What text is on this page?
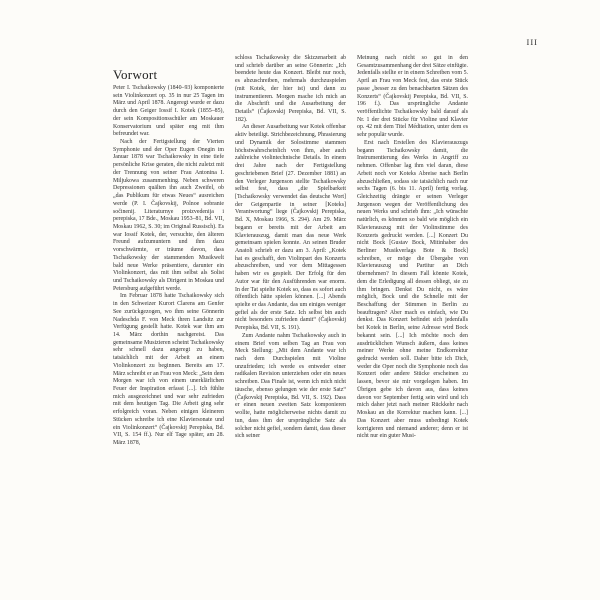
III
Vorwort

Peter I. Tschaikowsky (1840–93) komponierte sein Violinkonzert op. 35 in nur 25 Tagen im März und April 1878. Angeregt wurde er dazu durch den Geiger Iossif I. Kotek (1855–85), der sein Kompositionsschüler am Moskauer Konservatorium und später eng mit ihm befreundet war.

Nach der Fertigstellung der Vierten Symphonie und der Oper Eugen Onegin im Januar 1878 war Tschaikowsky in eine tiefe persönliche Krise geraten, die nicht zuletzt mit der Trennung von seiner Frau Antonina I. Miljukowa zusammenhing. Neben schweren Depressionen quälten ihn auch Zweifel, ob „das Publikum für etwas Neues“ ausreichen werde (P. I. Čajkovskij, Polnoe sobranie sočinenij. Literaturnye proizvedenija i perepiska, 17 Bde., Moskau 1953–81, Bd. VII, Moskau 1962, S. 30; im Original Russisch). Es war Iossif Kotek, der, versuchte, den älteren Freund aufzumuntern und ihm dazu vorschwärmte, er träume davon, dass Tschaikowsky der stammenden Musikwelt bald neue Werke präsentiere, darunter ein Violinkonzert, das mit ihm selbst als Solist und Tschaikowsky als Dirigent in Moskau und Petersburg aufgeführt werde.

Im Februar 1878 hatte Tschaikowsky sich in den Schweizer Kurort Clarens am Genfer See zurückgezogen, wo ihm seine Gönnerin Nadeschda F. von Meck ihren Landsitz zur Verfügung gestellt hatte. Kotek war ihm am 14. März dorthin nachgereist. Das gemeinsame Musizieren scheint Tschaikowsky sehr schnell dazu angeregt zu haben, tatsächlich mit der Arbeit an einem Violinkonzert zu beginnen. Bereits am 17. März schreibt er an Frau von Meck: „Sein dem Morgen war ich von einem unerklärlichen Feuer der Inspiration erfasst [...]. Ich fühlte mich ausgezeichnet und war sehr zufrieden mit dem heutigen Tag. Die Arbeit ging sehr erfolgreich voran. Neben einigen kleineren Stücken schreibe ich eine Klaviersonate und ein Violinkonzert“ (Čajkovskij Perepiska, Bd. VII, S. 154 ff.). Nur elf Tage später, am 28. März 1878,

schloss Tschaikowsky die Skizzenarbeit ab und schrieb darüber an seine Gönnerin: „Ich beendete heute das Konzert. Bleibt nur noch, es abzuschreiben, mehrmals durchzuspielen (mit Kotek, der hier ist) und dann zu instrumentieren. Morgen mache ich mich an die Abschrift und die Ausarbeitung der Details“ (Čajkovskij Perepiska, Bd. VII, S. 182).

An dieser Ausarbeitung war Kotek offenbar aktiv beteiligt. Strichbezeichnung, Phrasierung und Dynamik der Solostimme stammen höchstwahrscheinlich von ihm, aber auch zahlreiche violintechnische Details. In einem drei Jahre nach der Fertigstellung geschriebenen Brief (27. Dezember 1881) an den Verleger Jurgenson stellte Tschaikowsky selbst fest, dass „die Spielbarkeit [Tschaikowsky verwendet das deutsche Wort] der Geigenpartie in seiner [Koteks] Verantwortung“ liege (Čajkovskij Perepiska, Bd. X, Moskau 1966, S. 294). Am 29. März begann er bereits mit der Arbeit am Klavierauszug, damit man das neue Werk gemeinsam spielen konnte. An seinen Bruder Anatoli schrieb er dazu am 3. April: „Kotek hat es geschafft, den Violinpart des Konzerts abzuschreiben, und vor dem Mittagessen haben wir es gespielt. Der Erfolg für den Autor war für den Ausführenden war enorm. In der Tat spielte Kotek so, dass es sofort auch öffentlich hätte spielen können. [...] Abends spielte er das Andante, das um einiges weniger gefiel als der erste Satz. Ich selbst bin auch nicht besonders zufrieden damit“ (Čajkovskij Perepiska, Bd. VII, S. 191).

Zum Andante nahm Tschaikowsky auch in einem Brief vom selben Tag an Frau von Meck Stellung: „Mit dem Andante war ich nach dem Durchspielen mit Violine unzufrieden; ich werde es entweder einer radikalen Revision unterziehen oder ein neues schreiben. Das Finale ist, wenn ich mich nicht täusche, ebenso gelungen wie der erste Satz“ (Čajkovskij Perepiska, Bd. VII, S. 192). Dass er einen neuen zweiten Satz komponieren wollte, hatte möglicherweise nichts damit zu tun, dass ihm der ursprüngliche Satz als solcher nicht gefiel, sondern damit, dass dieser sich seiner

Meinung nach nicht so gut in den Gesamtzusammenhang der drei Sätze einfügte. Jedenfalls stellte er in einem Schreiben vom 5. April an Frau von Meck fest, das erste Stück passe „besser zu den benachbarten Sätzen des Konzerts“ (Čajkovskij Perepiska, Bd. VII, S. 196 f.). Das ursprüngliche Andante veröffentlichte Tschaikowsky bald darauf als Nr. 1 der drei Stücke für Violine und Klavier op. 42 mit dem Titel Méditation, unter dem es sehr populär wurde.

Erst nach Erstellen des Klavierauszugs begann Tschaikowsky damit, die Instrumentierung des Werks in Angriff zu nehmen. Offenbar lag ihm viel daran, diese Arbeit noch vor Koteks Abreise nach Berlin abzuschließen, sodass sie tatsächlich nach nur sechs Tagen (6. bis 11. April) fertig vorlag. Gleichzeitig drängte er seinen Verleger Jurgenson wegen der Veröffentlichung des neuen Werks und schrieb ihm: „Ich wünschte natürlich, es könnten so bald wie möglich ein Klavierauszug mit der Violinstimme des Konzerts gedruckt werden. [...] Konzert Du nicht Bock [Gustav Bock, Mitinhaber des Berliner Musikverlags Bote & Bock] schreiben, er möge die Übergabe von Klavierauszug und Partitur an Dich übernehmen? In diesem Fall könnte Kotek, dem die Erledigung all dessen obliegt, sie zu ihm bringen. Denkst Du nicht, es wäre möglich, Bock und die Schnelle mit der Beschaffung der Stimmen in Berlin zu beauftragen? Aber mach es einfach, wie Du denkst. Das Konzert befindet sich jedenfalls bei Kotek in Berlin, seine Adresse wird Bock bekannt sein. [...] Ich möchte noch den ausdrücklichen Wunsch äußern, dass keines meiner Werke ohne meine Endkorrektur gedruckt werden soll. Daher bitte ich Dich, weder die Oper noch die Symphonie noch das Konzert oder andere Stücke erscheinen zu lassen, bevor sie mir vorgelegen haben. Im Übrigen gebe ich davon aus, dass keines davon vor September fertig sein wird und ich mich daher jetzt nach meiner Rückkehr nach Moskau an die Korrektur machen kann. [...] Das Konzert aber muss unbedingt Kotek korrigieren und niemand anderer; denn er ist nicht nur ein guter Musi-
